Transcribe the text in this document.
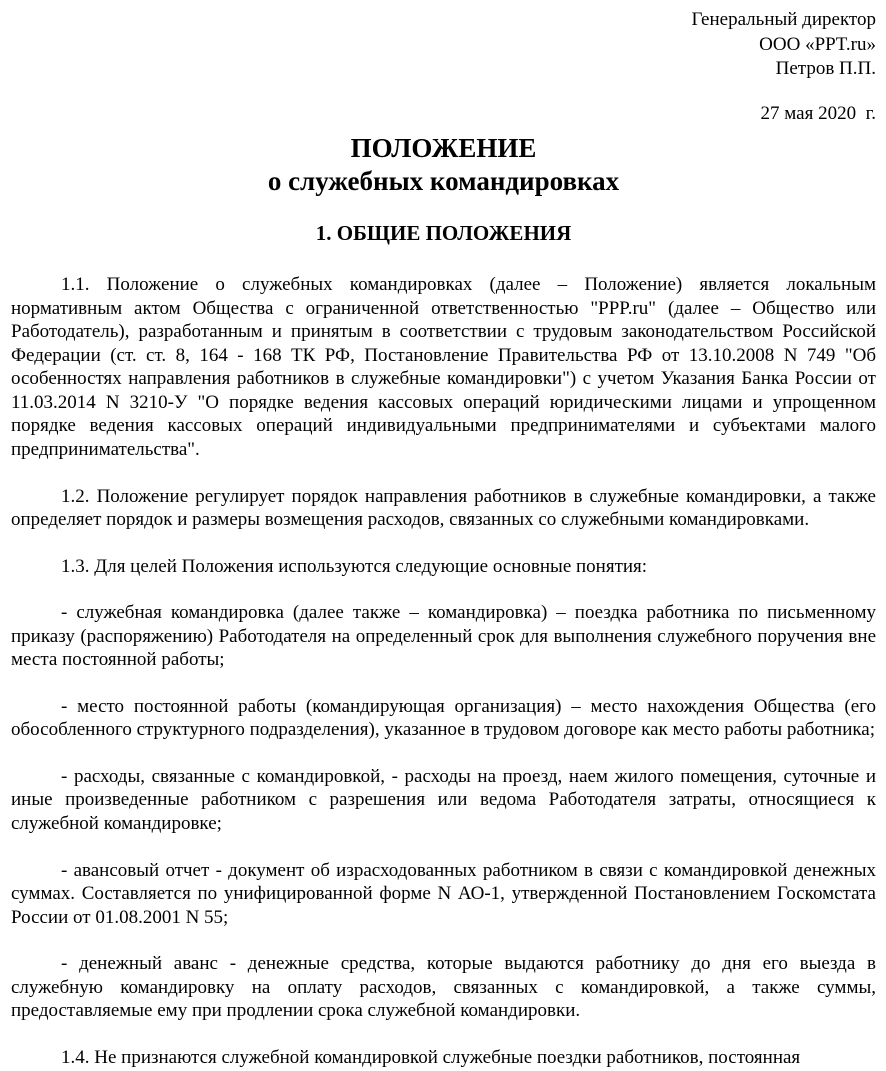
Генеральный директор
ООО «PPT.ru»
Петров П.П.
27 мая 2020  г.
ПОЛОЖЕНИЕ
о служебных командировках
1. ОБЩИЕ ПОЛОЖЕНИЯ

1.1. Положение о служебных командировках (далее – Положение) является локальным нормативным актом Общества с ограниченной ответственностью "PPP.ru" (далее – Общество или Работодатель), разработанным и принятым в соответствии с трудовым законодательством Российской Федерации (ст. ст. 8, 164 - 168 ТК РФ, Постановление Правительства РФ от 13.10.2008 N 749 "Об особенностях направления работников в служебные командировки") с учетом Указания Банка России от 11.03.2014 N 3210-У "О порядке ведения кассовых операций юридическими лицами и упрощенном порядке ведения кассовых операций индивидуальными предпринимателями и субъектами малого предпринимательства".

1.2. Положение регулирует порядок направления работников в служебные командировки, а также определяет порядок и размеры возмещения расходов, связанных со служебными командировками.

1.3. Для целей Положения используются следующие основные понятия:

- служебная командировка (далее также – командировка) – поездка работника по письменному приказу (распоряжению) Работодателя на определенный срок для выполнения служебного поручения вне места постоянной работы;

- место постоянной работы (командирующая организация) – место нахождения Общества (его обособленного структурного подразделения), указанное в трудовом договоре как место работы работника;

- расходы, связанные с командировкой, - расходы на проезд, наем жилого помещения, суточные и иные произведенные работником с разрешения или ведома Работодателя затраты, относящиеся к служебной командировке;

- авансовый отчет - документ об израсходованных работником в связи с командировкой денежных суммах. Составляется по унифицированной форме N АО-1, утвержденной Постановлением Госкомстата России от 01.08.2001 N 55;

- денежный аванс - денежные средства, которые выдаются работнику до дня его выезда в служебную командировку на оплату расходов, связанных с командировкой, а также суммы, предоставляемые ему при продлении срока служебной командировки.

1.4. Не признаются служебной командировкой служебные поездки работников, постоянная
